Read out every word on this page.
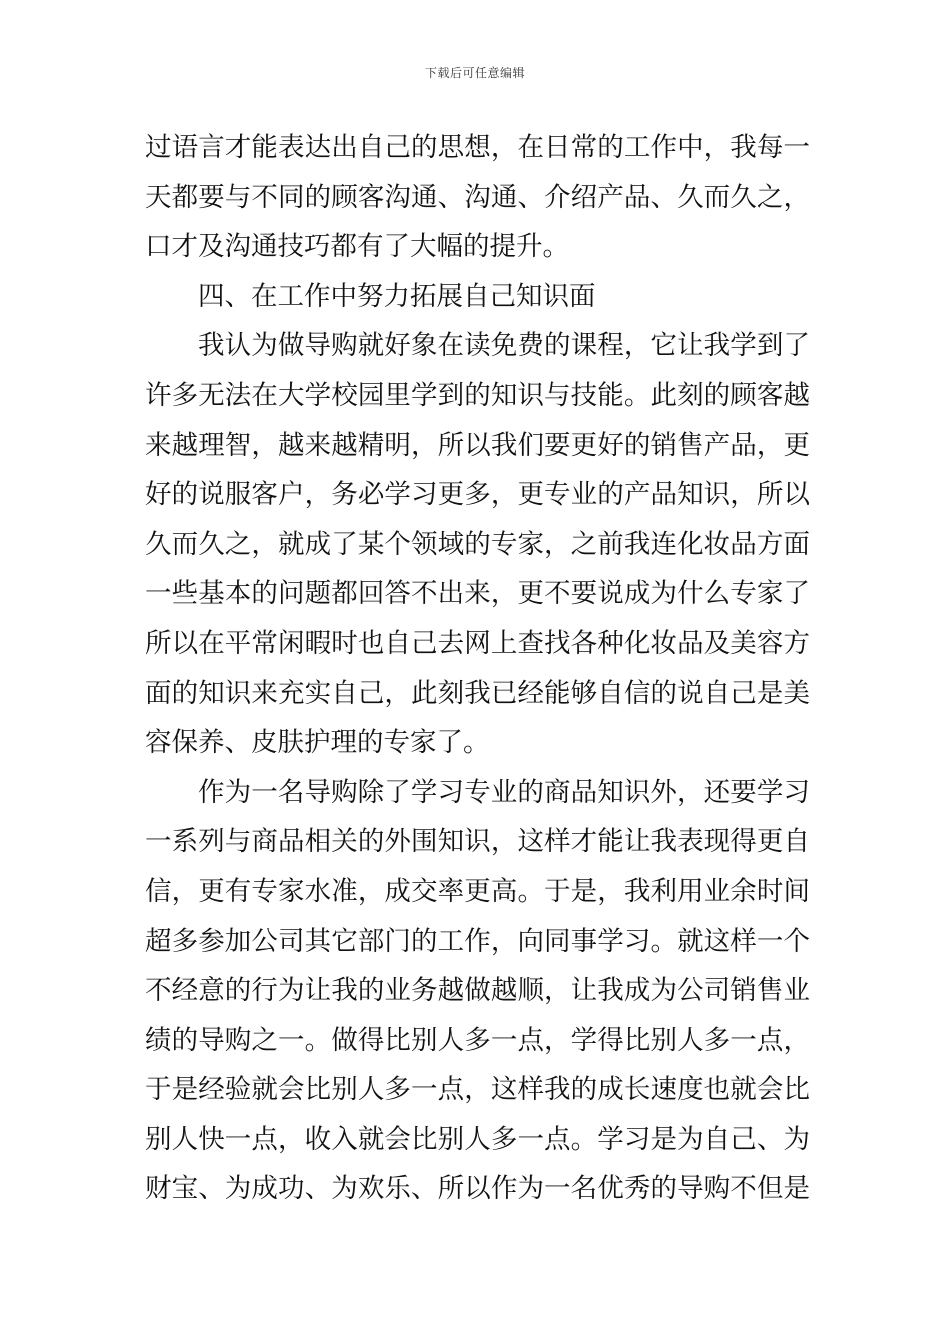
下载后可任意编辑
过语言才能表达出自己的思想，在日常的工作中，我每一
天都要与不同的顾客沟通、沟通、介绍产品、久而久之，
口才及沟通技巧都有了大幅的提升。
四、在工作中努力拓展自己知识面
我认为做导购就好象在读免费的课程，它让我学到了
许多无法在大学校园里学到的知识与技能。此刻的顾客越
来越理智，越来越精明，所以我们要更好的销售产品，更
好的说服客户，务必学习更多，更专业的产品知识，所以
久而久之，就成了某个领域的专家，之前我连化妆品方面
一些基本的问题都回答不出来，更不要说成为什么专家了
所以在平常闲暇时也自己去网上查找各种化妆品及美容方
面的知识来充实自己，此刻我已经能够自信的说自己是美
容保养、皮肤护理的专家了。
作为一名导购除了学习专业的商品知识外，还要学习
一系列与商品相关的外围知识，这样才能让我表现得更自
信，更有专家水准，成交率更高。于是，我利用业余时间
超多参加公司其它部门的工作，向同事学习。就这样一个
不经意的行为让我的业务越做越顺，让我成为公司销售业
绩的导购之一。做得比别人多一点，学得比别人多一点，
于是经验就会比别人多一点，这样我的成长速度也就会比
别人快一点，收入就会比别人多一点。学习是为自己、为
财宝、为成功、为欢乐、所以作为一名优秀的导购不但是
